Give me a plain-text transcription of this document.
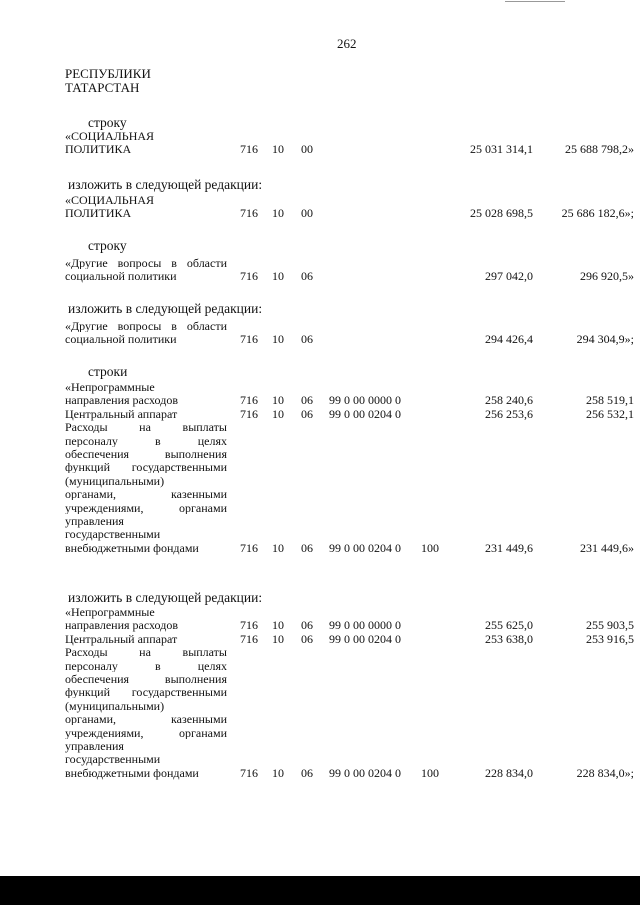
262
РЕСПУБЛИКИ
ТАТАРСТАН
строку
«СОЦИАЛЬНАЯ
ПОЛИТИКА	716	10	00	25 031 314,1	25 688 798,2»
изложить в следующей редакции:
«СОЦИАЛЬНАЯ
ПОЛИТИКА	716	10	00	25 028 698,5	25 686 182,6»;
строку
«Другие вопросы в области
социальной политики	716	10	06	297 042,0	296 920,5»
изложить в следующей редакции:
«Другие вопросы в области
социальной политики	716	10	06	294 426,4	294 304,9»;
строки
«Непрограммные
направления расходов	716	10	06	99 0 00 0000 0	258 240,6	258 519,1
Центральный аппарат	716	10	06	99 0 00 0204 0	256 253,6	256 532,1
Расходы на выплаты
персоналу в целях
обеспечения выполнения
функций государственными
(муниципальными)
органами, казенными
учреждениями, органами
управления
государственными
внебюджетными фондами	716	10	06	99 0 00 0204 0	100	231 449,6	231 449,6»
изложить в следующей редакции:
«Непрограммные
направления расходов	716	10	06	99 0 00 0000 0	255 625,0	255 903,5
Центральный аппарат	716	10	06	99 0 00 0204 0	253 638,0	253 916,5
Расходы на выплаты
персоналу в целях
обеспечения выполнения
функций государственными
(муниципальными)
органами, казенными
учреждениями, органами
управления
государственными
внебюджетными фондами	716	10	06	99 0 00 0204 0	100	228 834,0	228 834,0»;
